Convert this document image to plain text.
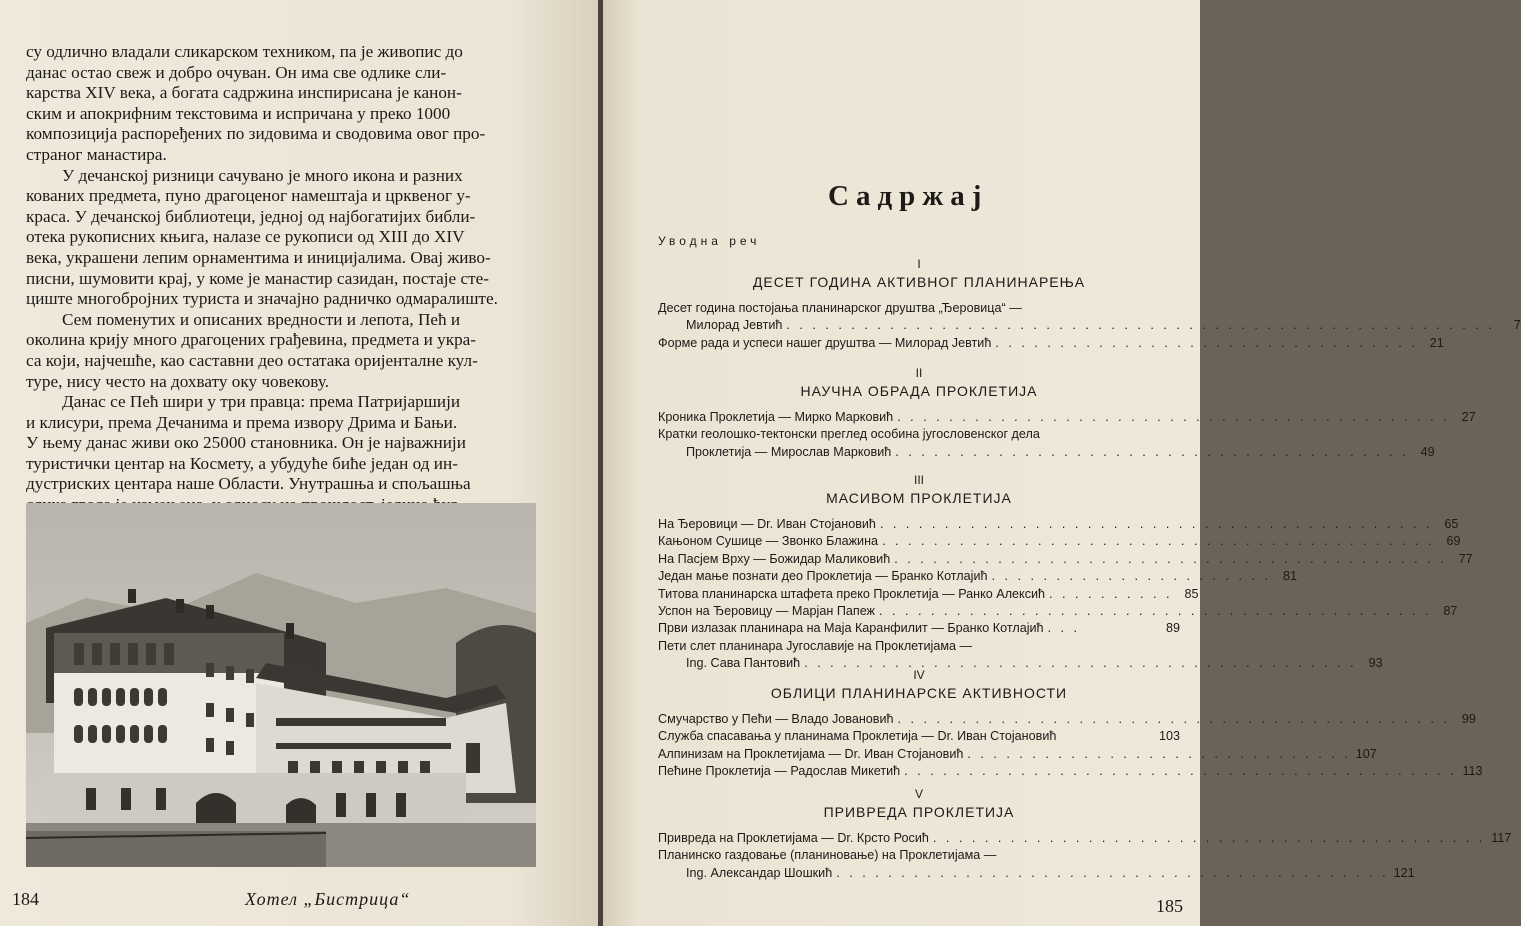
су одлично владали сликарском техником, па је живопис до
данас остао свеж и добро очуван. Он има све одлике сли-
карства XIV века, а богата садржина инспирисана је канон-
ским и апокрифним текстовима и испричана у преко 1000
композиција распоређених по зидовима и сводовима овог про-
страног манастира.

У дечанској ризници сачувано је много икона и разних
кованих предмета, пуно драгоценог намештаја и црквеног у-
краса. У дечанској библиотеци, једној од најбогатијих библи-
отека рукописних књига, налазе се рукописи од XIII до XIV
века, украшени лепим орнаментима и иницијалима. Овај живо-
писни, шумовити крај, у коме је манастир сазидан, постаје сте-
циште многобројних туриста и значајно радничко одмаралиште.

Сем поменутих и описаних вредности и лепота, Пећ и
околина крију много драгоцених грађевина, предмета и укра-
са који, најчешће, као саставни део остатака оријенталне кул-
туре, нису често на дохвату оку човекову.

Данас се Пећ шири у три правца: према Патријаршији
и клисури, према Дечанима и према извору Дрима и Бањи.
У њему данас живи око 25000 становника. Он је најважнији
туристички центар на Космету, а убудуће биће један од ин-
дустриских центара наше Области. Унутрашња и спољашња

184	Хотел „Бистрица“
Садржај
Уводна реч
I
ДЕСЕТ ГОДИНА АКТИВНОГ ПЛАНИНАРЕЊА
Десет година постојања планинарског друштва „Ђеровица“ —
Милорад Јевтић . . . . . . . . . . . . . . . . . . . . . . . . . . . . . . . . . . . . . . . . . . . . . . . . . . . . . . .	7
Форме рада и успеси нашег друштва — Милорад Јевтић . . . . . . . . . . . . . . . . . . . . . . . . . . . . . . . . . 21
II
НАУЧНА ОБРАДА ПРОКЛЕТИЈА
Кроника Проклетија — Мирко Марковић . . . . . . . . . . . . . . . . . . . . . . . . . . . . . . . . . . . . . . . . . . . 27
Кратки геолошко-тектонски преглед особина југословенског дела
Проклетија — Мирослав Марковић . . . . . . . . . . . . . . . . . . . . . . . . . . . . . . . . . . . . . . . . 49
III
МАСИВОМ ПРОКЛЕТИЈА
На Ђеровици — Dr. Иван Стојановић . . . . . . . . . . . . . . . . . . . . . . . . . . . . . . . . . . . . . . . . . . . 65
Кањоном Сушице — Звонко Блажина . . . . . . . . . . . . . . . . . . . . . . . . . . . . . . . . . . . . . . . . . . . 69
На Пасјем Врху — Божидар Маликовић . . . . . . . . . . . . . . . . . . . . . . . . . . . . . . . . . . . . . . . . . . . 77
Један мање познати део Проклетија — Бранко Котлајић . . . . . . . . . . . . . . . . . . . . . . 81
Титова планинарска штафета преко Проклетија — Ранко Алексић . . . . . . . . . . 85
Успон на Ђеровицу — Марјан Папеж . . . . . . . . . . . . . . . . . . . . . . . . . . . . . . . . . . . . . . . . . . . 87
Први излазак планинара на Маја Каранфилит — Бранко Котлајић . . .	89
Пети слет планинара Југославије на Проклетијама —
Ing. Сава Пантовић . . . . . . . . . . . . . . . . . . . . . . . . . . . . . . . . . . . . . . . . . . . 93
IV
ОБЛИЦИ ПЛАНИНАРСКЕ АКТИВНОСТИ
Смучарство у Пећи — Владо Јовановић . . . . . . . . . . . . . . . . . . . . . . . . . . . . . . . . . . . . . . . . . . . 99
Служба спасавања у планинама Проклетија — Dr. Иван Стојановић	103
Алпинизам на Проклетијама — Dr. Иван Стојановић . . . . . . . . . . . . . . . . . . . . . . . . . . . . . . 107
Пећине Проклетија — Радослав Микетић . . . . . . . . . . . . . . . . . . . . . . . . . . . . . . . . . . . . . . . . . . . 113
V
ПРИВРЕДА ПРОКЛЕТИЈА
Привреда на Проклетијама — Dr. Крсто Росић . . . . . . . . . . . . . . . . . . . . . . . . . . . . . . . . . . . . . . . . . . . 117
Планинско газдовање (планиновање) на Проклетијама —
Ing. Александар Шошкић . . . . . . . . . . . . . . . . . . . . . . . . . . . . . . . . . . . . . . . . . . . 121
185
